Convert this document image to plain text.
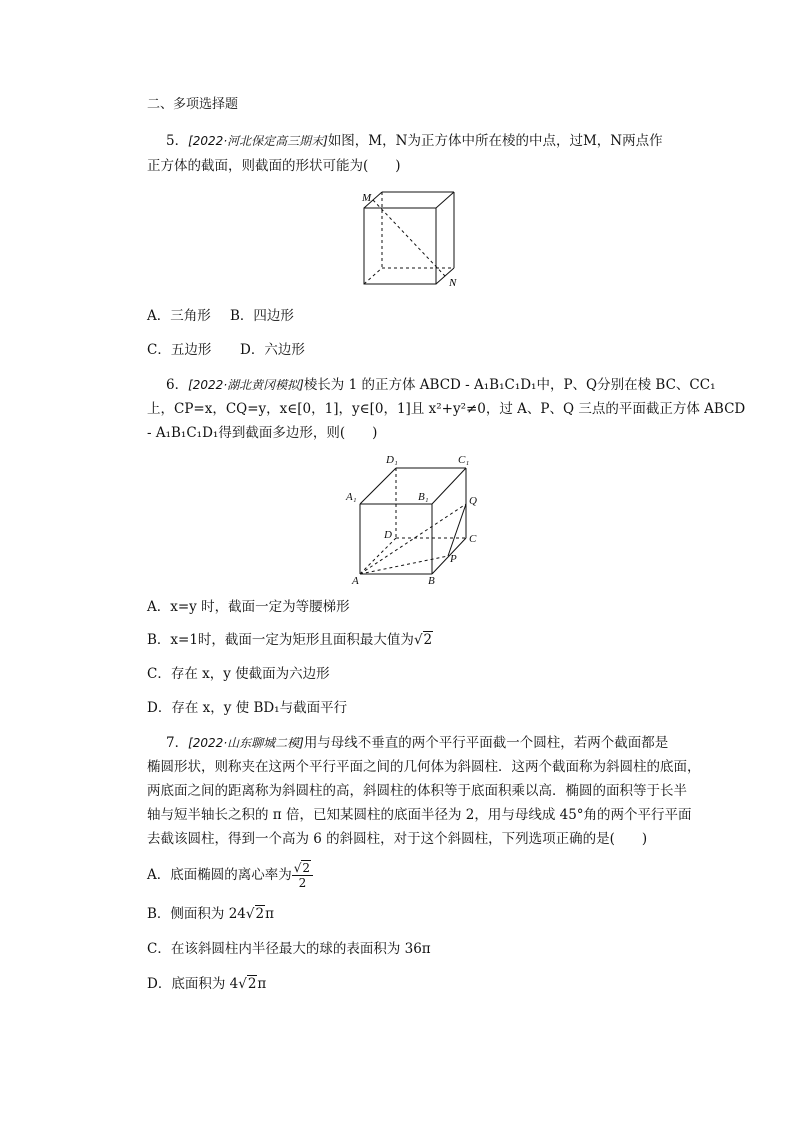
二、多项选择题
5．[2022·河北保定高三期末]如图，M，N为正方体中所在棱的中点，过M，N两点作
正方体的截面，则截面的形状可能为(　　)
M
N
A．三角形 B．四边形
C．五边形 D．六边形
6．[2022·湖北黄冈模拟]棱长为 1 的正方体 ABCD - A₁B₁C₁D₁中，P、Q分别在棱 BC、CC₁
上，CP=x，CQ=y，x∈[0，1]，y∈[0，1]且 x²+y²≠0，过 A、P、Q 三点的平面截正方体 ABCD
- A₁B₁C₁D₁得到截面多边形，则(　　)
D₁	C₁
A₁	B₁	Q
D	C
P
A	B
A．x=y 时，截面一定为等腰梯形
B．x=1时，截面一定为矩形且面积最大值为√2
C．存在 x，y 使截面为六边形
D．存在 x，y 使 BD₁与截面平行
7．[2022·山东聊城二模]用与母线不垂直的两个平行平面截一个圆柱，若两个截面都是
椭圆形状，则称夹在这两个平行平面之间的几何体为斜圆柱．这两个截面称为斜圆柱的底面，
两底面之间的距离称为斜圆柱的高，斜圆柱的体积等于底面积乘以高．椭圆的面积等于长半
轴与短半轴长之积的 π 倍，已知某圆柱的底面半径为 2，用与母线成 45°角的两个平行平面
去截该圆柱，得到一个高为 6 的斜圆柱，对于这个斜圆柱，下列选项正确的是(　　)
A．底面椭圆的离心率为 $\frac{√2}{2}$
B．侧面积为 24√2π
C．在该斜圆柱内半径最大的球的表面积为 36π
D．底面积为 4√2π
